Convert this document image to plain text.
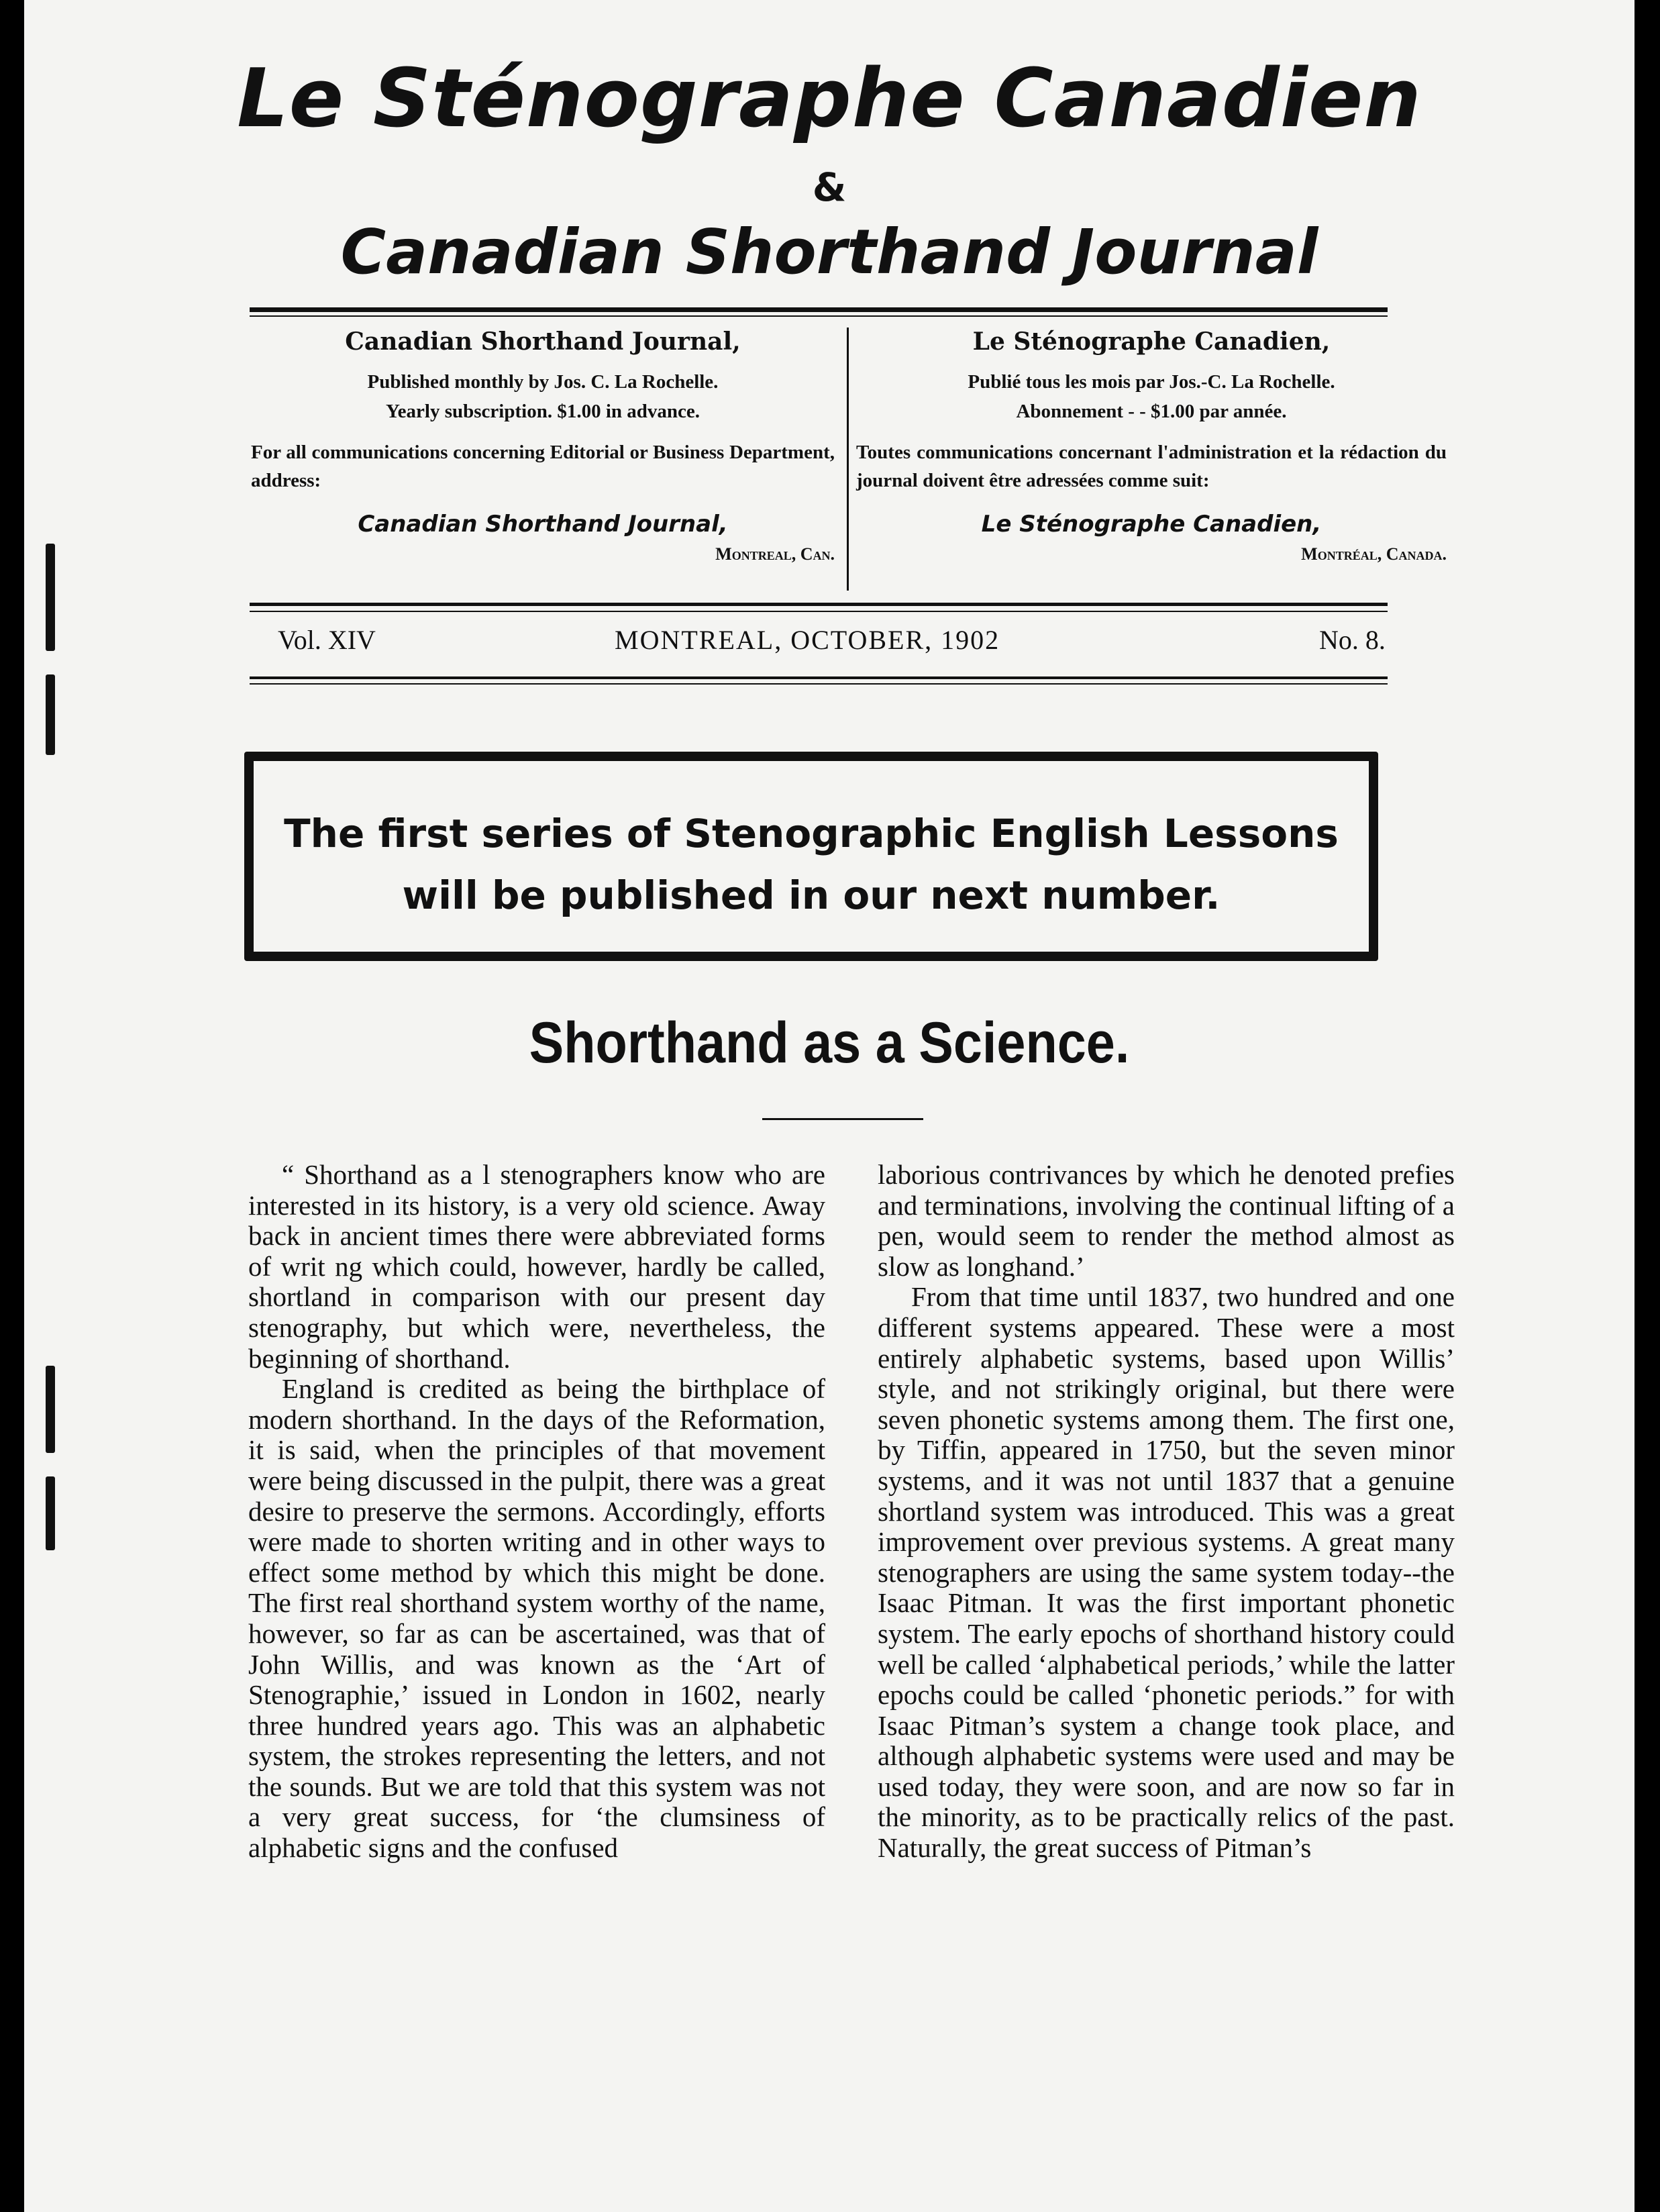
Le Sténographe Canadien
&
Canadian Shorthand Journal
Canadian Shorthand Journal,
Published monthly by Jos. C. La Rochelle.
Yearly subscription. $1.00 in advance.
For all communications concerning Editorial or Business Department, address:
Canadian Shorthand Journal,
Montreal, Can.
Le Sténographe Canadien,
Publié tous les mois par Jos.-C. La Rochelle.
Abonnement - - $1.00 par année.
Toutes communications concernant l'administration et la rédaction du journal doivent être adressées comme suit:
Le Sténographe Canadien,
Montréal, Canada.
Vol. XIV	MONTREAL, OCTOBER, 1902	No. 8.
The first series of Stenographic English Lessons
will be published in our next number.
Shorthand as a Science.

“ Shorthand as a l stenographers know who are interested in its history, is a very old science. Away back in ancient times there were abbreviated forms of writ ng which could, however, hardly be called, shortland in comparison with our present day stenography, but which were, nevertheless, the beginning of shorthand.

England is credited as being the birthplace of modern shorthand. In the days of the Reformation, it is said, when the principles of that movement were being discussed in the pulpit, there was a great desire to preserve the sermons. Accordingly, efforts were made to shorten writing and in other ways to effect some method by which this might be done. The first real shorthand system worthy of the name, however, so far as can be ascertained, was that of John Willis, and was known as the ‘Art of Stenographie,’ issued in London in 1602, nearly three hundred years ago. This was an alphabetic system, the strokes representing the letters, and not the sounds. But we are told that this system was not a very great success, for ‘the clumsiness of alphabetic signs and the confused

laborious contrivances by which he denoted prefies and terminations, involving the continual lifting of a pen, would seem to render the method almost as slow as longhand.’

From that time until 1837, two hundred and one different systems appeared. These were a most entirely alphabetic systems, based upon Willis’ style, and not strikingly original, but there were seven phonetic systems among them. The first one, by Tiffin, appeared in 1750, but the seven minor systems, and it was not until 1837 that a genuine shortland system was introduced. This was a great improvement over previous systems. A great many stenographers are using the same system today--the Isaac Pitman. It was the first important phonetic system. The early epochs of shorthand history could well be called ‘alphabetical periods,’ while the latter epochs could be called ‘phonetic periods.” for with Isaac Pitman’s system a change took place, and although alphabetic systems were used and may be used today, they were soon, and are now so far in the minority, as to be practically relics of the past. Naturally, the great success of Pitman’s
